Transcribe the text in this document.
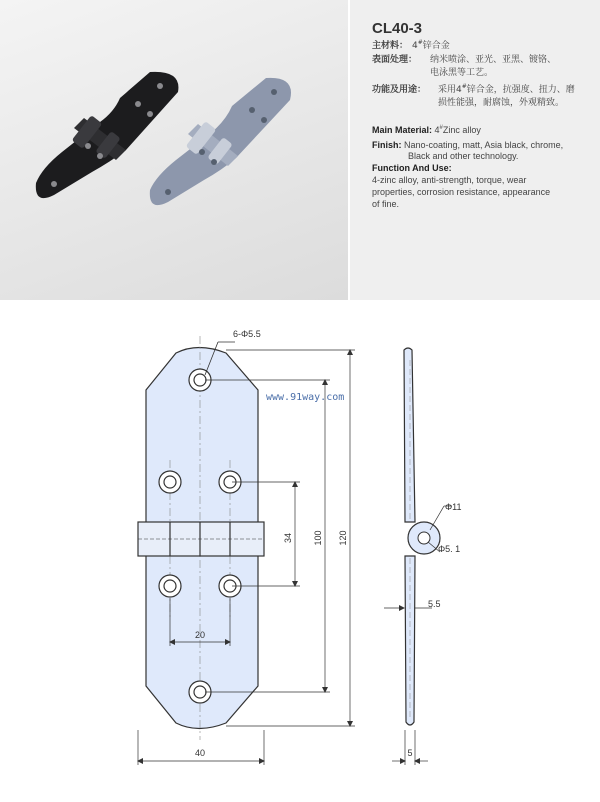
CL40-3
主材料： 4#锌合金
表面处理： 纳米喷涂、亚光、亚黑、镀铬、
电泳黑等工艺。
功能及用途： 采用4#锌合金，抗强度、扭力、磨
损性能强，耐腐蚀，外观精致。
Main Material: 4#Zinc alloy
Finish: Nano-coating, matt, Asia black, chrome,
Black and other technology.
Function And Use:
4-zinc alloy, anti-strength, torque, wear
properties, corrosion resistance, appearance
of fine.
6-Φ5.5
34 100 120
20
40
Φ11
Φ5. 1
5.5
5
www.91way.com
